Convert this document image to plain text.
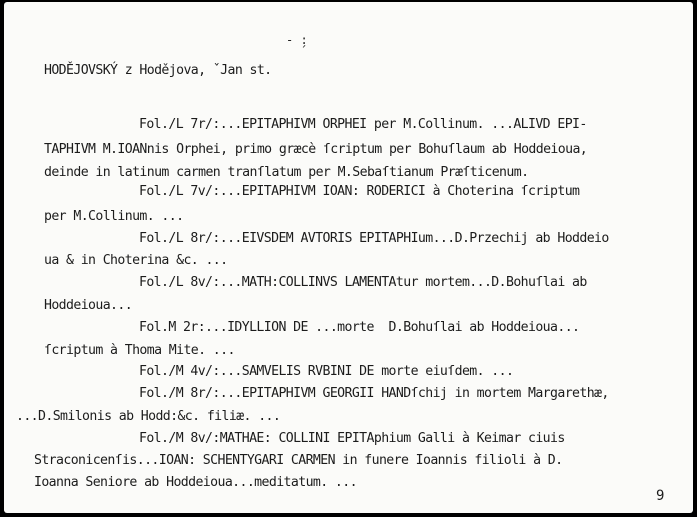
- ̗:
HODĚJOVSKÝ z Hodějova, ˇJan st.
Fol./L 7r/:...EPITAPHIVM ORPHEI per M.Collinum. ...ALIVD EPI-
TAPHIVM M.IOANnis Orphei, primo græcè ſcriptum per Bohuſlaum ab Hoddeioua,
deinde in latinum carmen tranſlatum per M.Sebaſtianum Præſticenum.
Fol./L 7v/:...EPITAPHIVM IOAN: RODERICI à Choterina ſcriptum
per M.Collinum. ...
Fol./L 8r/:...EIVSDEM AVTORIS EPITAPHIum...D.Przechij ab Hoddeio
ua & in Choterina &c. ...
Fol./L 8v/:...MATH:COLLINVS LAMENTAtur mortem...D.Bohuſlai ab
Hoddeioua...
Fol.M 2r:...IDYLLION DE ...morte  D.Bohuſlai ab Hoddeioua...
ſcriptum à Thoma Mite. ...
Fol./M 4v/:...SAMVELIS RVBINI DE morte eiuſdem. ...
Fol./M 8r/:...EPITAPHIVM GEORGII HANDſchij in mortem Margarethæ,
...D.Smilonis ab Hodd:&c. filiæ. ...
Fol./M 8v/:MATHAE: COLLINI EPITAphium Galli à Keimar ciuis
Straconicenſis...IOAN: SCHENTYGARI CARMEN in funere Ioannis filioli à D.
Ioanna Seniore ab Hoddeioua...meditatum. ...
9
